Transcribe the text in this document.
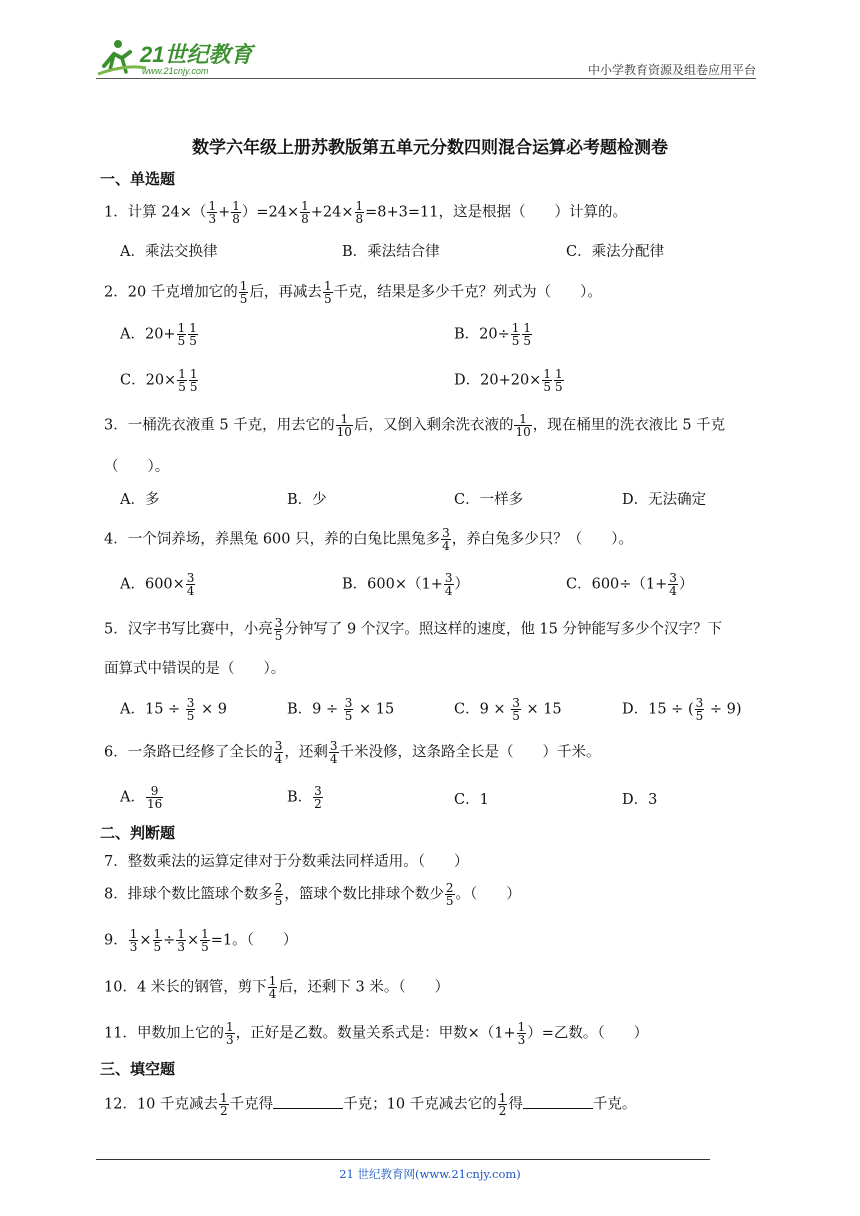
21世纪教育
www.21cnjy.com	中小学教育资源及组卷应用平台
数学六年级上册苏教版第五单元分数四则混合运算必考题检测卷
一、单选题
1．计算 $24\times( \frac{1}{3} + \frac{1}{8} )=24\times \frac{1}{8} +24\times \frac{1}{8} =8+3=11$，这是根据（　　）计算的。
A．乘法交换律	B．乘法结合律	C．乘法分配律
2．20 千克增加它的 $\frac{1}{5}$ 后，再减去 $\frac{1}{5}$ 千克，结果是多少千克？列式为（　　）。
A．$20+ \frac{1}{5} \frac{1}{5}$	B．$20\div \frac{1}{5} \frac{1}{5}$
C．$20\times \frac{1}{5} \frac{1}{5}$	D．$20+20\times \frac{1}{5} \frac{1}{5}$
3．一桶洗衣液重 5 千克，用去它的 $\frac{1}{10}$ 后，又倒入剩余洗衣液的 $\frac{1}{10}$ ，现在桶里的洗衣液比 5 千克
（　　）。
A．多	B．少	C．一样多	D．无法确定
4．一个饲养场，养黑兔 600 只，养的白兔比黑兔多 $\frac{3}{4}$ ，养白兔多少只？（　　）。
A．$600\times \frac{3}{4}$	B．$600\times(1+ \frac{3}{4}$ ）	C．$600\div(1+ \frac{3}{4}$ ）
5．汉字书写比赛中，小亮 $\frac{3}{5}$ 分钟写了 9 个汉字。照这样的速度，他 15 分钟能写多少个汉字？下
面算式中错误的是（　　）。
A．$15 \div \frac{3}{5} \times 9$	B．$9 \div \frac{3}{5} \times 15$	C．$9 \times \frac{3}{5} \times 15$	D．15 ÷ ( $\frac{3}{5} \div 9$)
6．一条路已经修了全长的 $\frac{3}{4}$ ，还剩 $\frac{3}{4}$ 千米没修，这条路全长是（　　）千米。
A． $\frac{9}{16}$	B． $\frac{3}{2}$	C．1	D．3
二、判断题
7．整数乘法的运算定律对于分数乘法同样适用。（　　）
8．排球个数比篮球个数多 $\frac{2}{5}$ ，篮球个数比排球个数少 $\frac{2}{5}$ 。（　　）
9． $\frac{1}{3} \times \frac{1}{5} \div \frac{1}{3} \times \frac{1}{5} =1$。（　　）
10．4 米长的钢管，剪下 $\frac{1}{4}$ 后，还剩下 3 米。（　　）
11．甲数加上它的 $\frac{1}{3}$ ，正好是乙数。数量关系式是：甲数$\times(1+ \frac{1}{3}$ ）=乙数。（　　）
三、填空题
12．10 千克减去 $\frac{1}{2}$ 千克得	千克；10 千克减去它的 $\frac{1}{2}$ 得	千克。
21 世纪教育网(www.21cnjy.com)
